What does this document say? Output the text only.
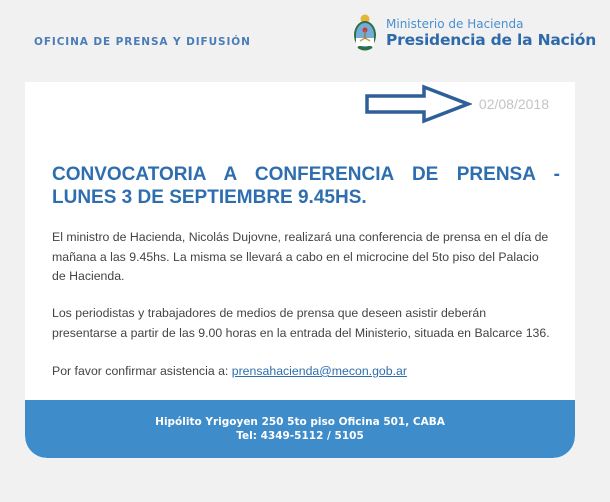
OFICINA DE PRENSA Y DIFUSIÓN
Ministerio de Hacienda
Presidencia de la Nación
02/08/2018
CONVOCATORIA A CONFERENCIA DE PRENSA - LUNES 3 DE SEPTIEMBRE 9.45HS.
El ministro de Hacienda, Nicolás Dujovne, realizará una conferencia de prensa en el día de mañana a las 9.45hs. La misma se llevará a cabo en el microcine del 5to piso del Palacio de Hacienda.
Los periodistas y trabajadores de medios de prensa que deseen asistir deberán presentarse a partir de las 9.00 horas en la entrada del Ministerio, situada en Balcarce 136.
Por favor confirmar asistencia a: prensahacienda@mecon.gob.ar
Hipólito Yrigoyen 250 5to piso Oficina 501, CABA
Tel: 4349-5112 / 5105
